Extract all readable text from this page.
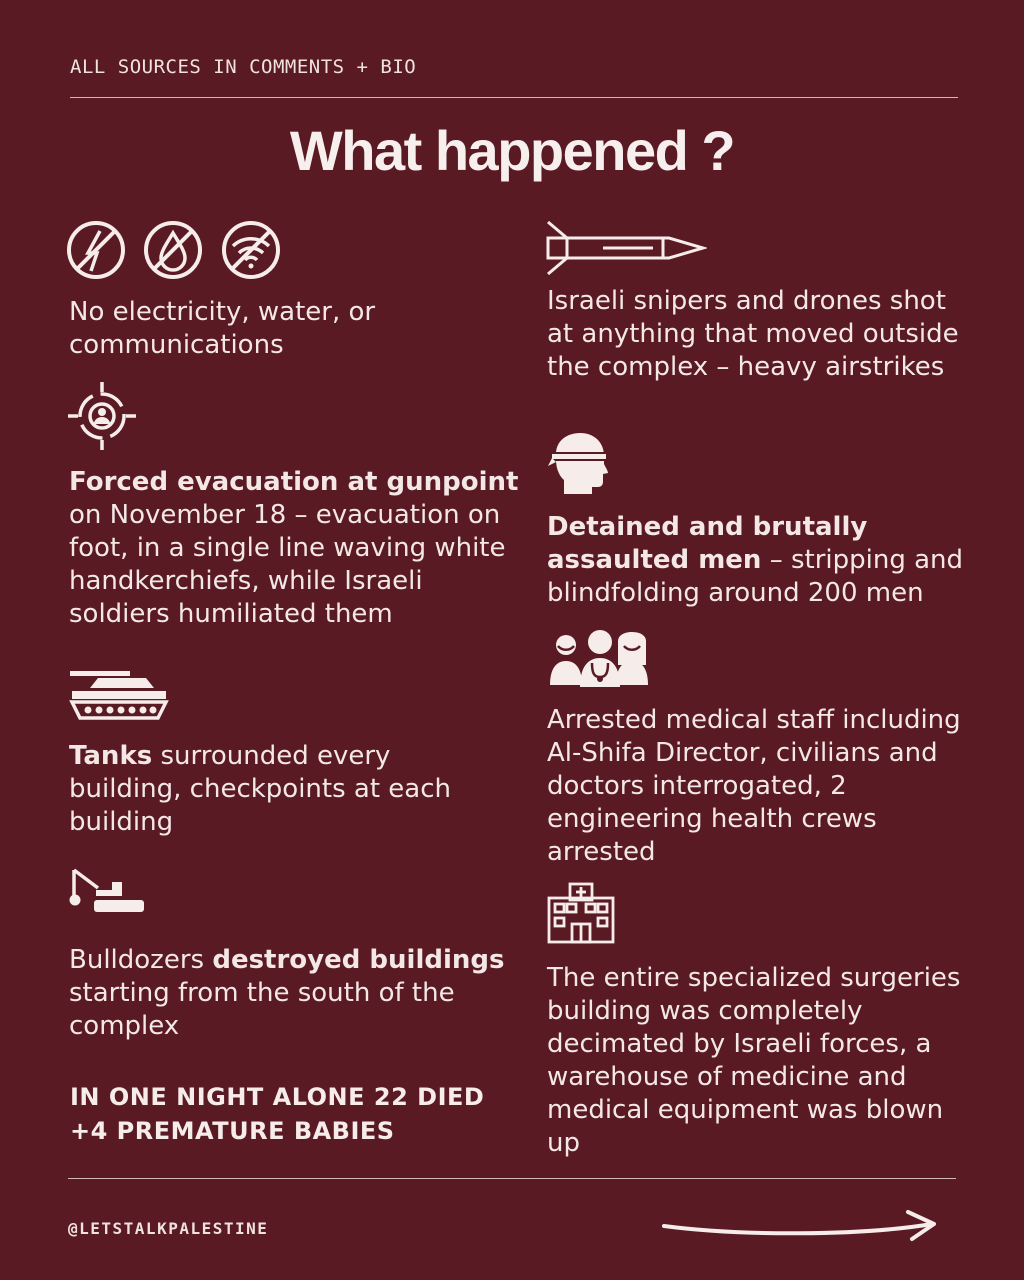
ALL SOURCES IN COMMENTS + BIO
What happened ?
No electricity, water, or communications
Forced evacuation at gunpoint on November 18 – evacuation on foot, in a single line waving white handkerchiefs, while Israeli soldiers humiliated them
Tanks surrounded every building, checkpoints at each building
Bulldozers destroyed buildings starting from the south of the complex
IN ONE NIGHT ALONE 22 DIED +4 PREMATURE BABIES
Israeli snipers and drones shot at anything that moved outside the complex – heavy airstrikes
Detained and brutally assaulted men – stripping and blindfolding around 200 men
Arrested medical staff including Al-Shifa Director, civilians and doctors interrogated, 2 engineering health crews arrested
The entire specialized surgeries building was completely decimated by Israeli forces, a warehouse of medicine and medical equipment was blown up
@LETSTALKPALESTINE
